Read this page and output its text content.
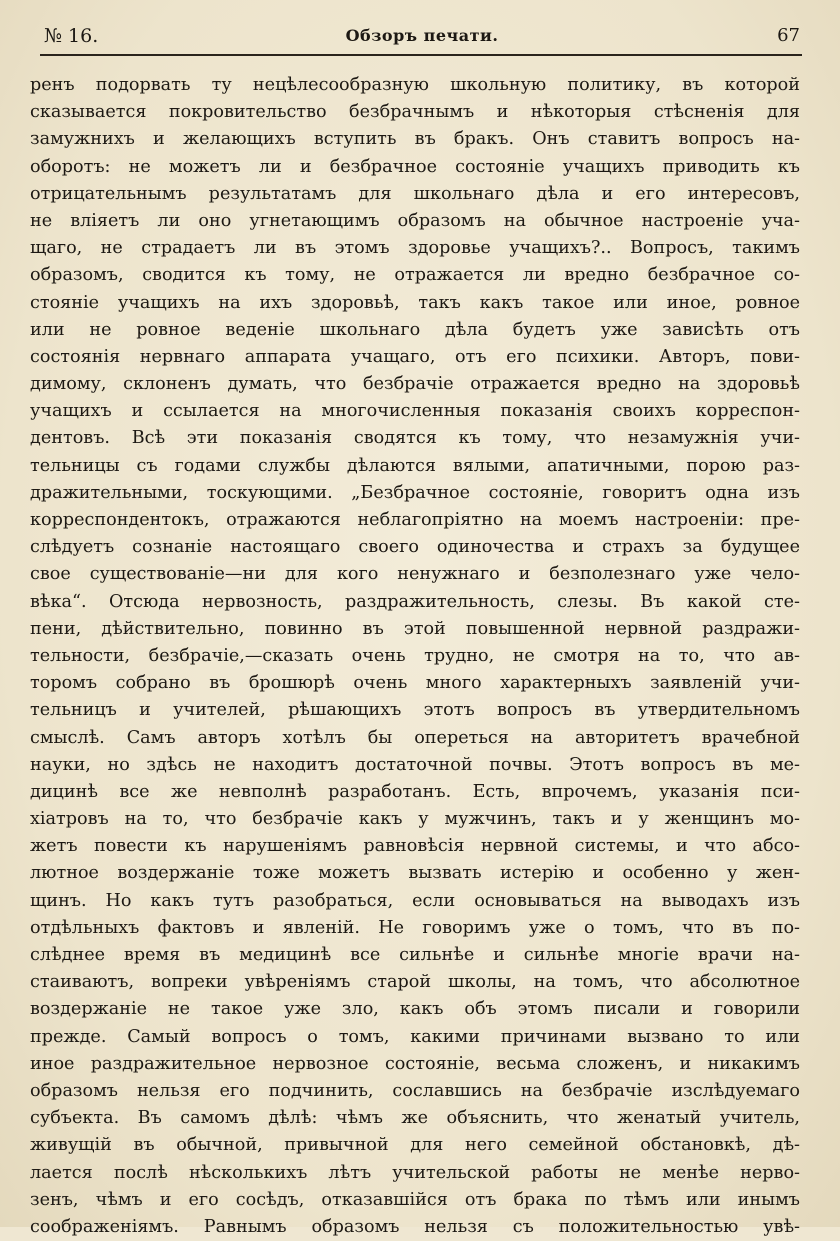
№ 16.	Обзоръ печати.	67
ренъ подорвать ту нецѣлесообразную школьную политику, въ которой
сказывается покровительство безбрачнымъ и нѣкоторыя стѣсненія для
замужнихъ и желающихъ вступить въ бракъ. Онъ ставитъ вопросъ на-
оборотъ: не можетъ ли и безбрачное состояніе учащихъ приводить къ
отрицательнымъ результатамъ для школьнаго дѣла и его интересовъ,
не вліяетъ ли оно угнетающимъ образомъ на обычное настроеніе уча-
щаго, не страдаетъ ли въ этомъ здоровье учащихъ?.. Вопросъ, такимъ
образомъ, сводится къ тому, не отражается ли вредно безбрачное со-
стояніе учащихъ на ихъ здоровьѣ, такъ какъ такое или иное, ровное
или не ровное веденіе школьнаго дѣла будетъ уже зависѣть отъ
состоянія нервнаго аппарата учащаго, отъ его психики. Авторъ, пови-
димому, склоненъ думать, что безбрачіе отражается вредно на здоровьѣ
учащихъ и ссылается на многочисленныя показанія своихъ корреспон-
дентовъ. Всѣ эти показанія сводятся къ тому, что незамужнія учи-
тельницы съ годами службы дѣлаются вялыми, апатичными, порою раз-
дражительными, тоскующими. „Безбрачное состояніе, говоритъ одна изъ
корреспондентокъ, отражаются неблагопріятно на моемъ настроеніи: пре-
слѣдуетъ сознаніе настоящаго своего одиночества и страхъ за будущее
свое существованіе—ни для кого ненужнаго и безполезнаго уже чело-
вѣка“. Отсюда нервозность, раздражительность, слезы. Въ какой сте-
пени, дѣйствительно, повинно въ этой повышенной нервной раздражи-
тельности, безбрачіе,—сказать очень трудно, не смотря на то, что ав-
торомъ собрано въ брошюрѣ очень много характерныхъ заявленій учи-
тельницъ и учителей, рѣшающихъ этотъ вопросъ въ утвердительномъ
смыслѣ. Самъ авторъ хотѣлъ бы опереться на авторитетъ врачебной
науки, но здѣсь не находитъ достаточной почвы. Этотъ вопросъ въ ме-
дицинѣ все же невполнѣ разработанъ. Есть, впрочемъ, указанія пси-
хіатровъ на то, что безбрачіе какъ у мужчинъ, такъ и у женщинъ мо-
жетъ повести къ нарушеніямъ равновѣсія нервной системы, и что абсо-
лютное воздержаніе тоже можетъ вызвать истерію и особенно у жен-
щинъ. Но какъ тутъ разобраться, если основываться на выводахъ изъ
отдѣльныхъ фактовъ и явленій. Не говоримъ уже о томъ, что въ по-
слѣднее время въ медицинѣ все сильнѣе и сильнѣе многіе врачи на-
стаиваютъ, вопреки увѣреніямъ старой школы, на томъ, что абсолютное
воздержаніе не такое уже зло, какъ объ этомъ писали и говорили
прежде. Самый вопросъ о томъ, какими причинами вызвано то или
иное раздражительное нервозное состояніе, весьма сложенъ, и никакимъ
образомъ нельзя его подчинить, сославшись на безбрачіе изслѣдуемаго
субъекта. Въ самомъ дѣлѣ: чѣмъ же объяснить, что женатый учитель,
живущій въ обычной, привычной для него семейной обстановкѣ, дѣ-
лается послѣ нѣсколькихъ лѣтъ учительской работы не менѣе нерво-
зенъ, чѣмъ и его сосѣдъ, отказавшійся отъ брака по тѣмъ или инымъ
соображеніямъ. Равнымъ образомъ нельзя съ положительностью увѣ-
